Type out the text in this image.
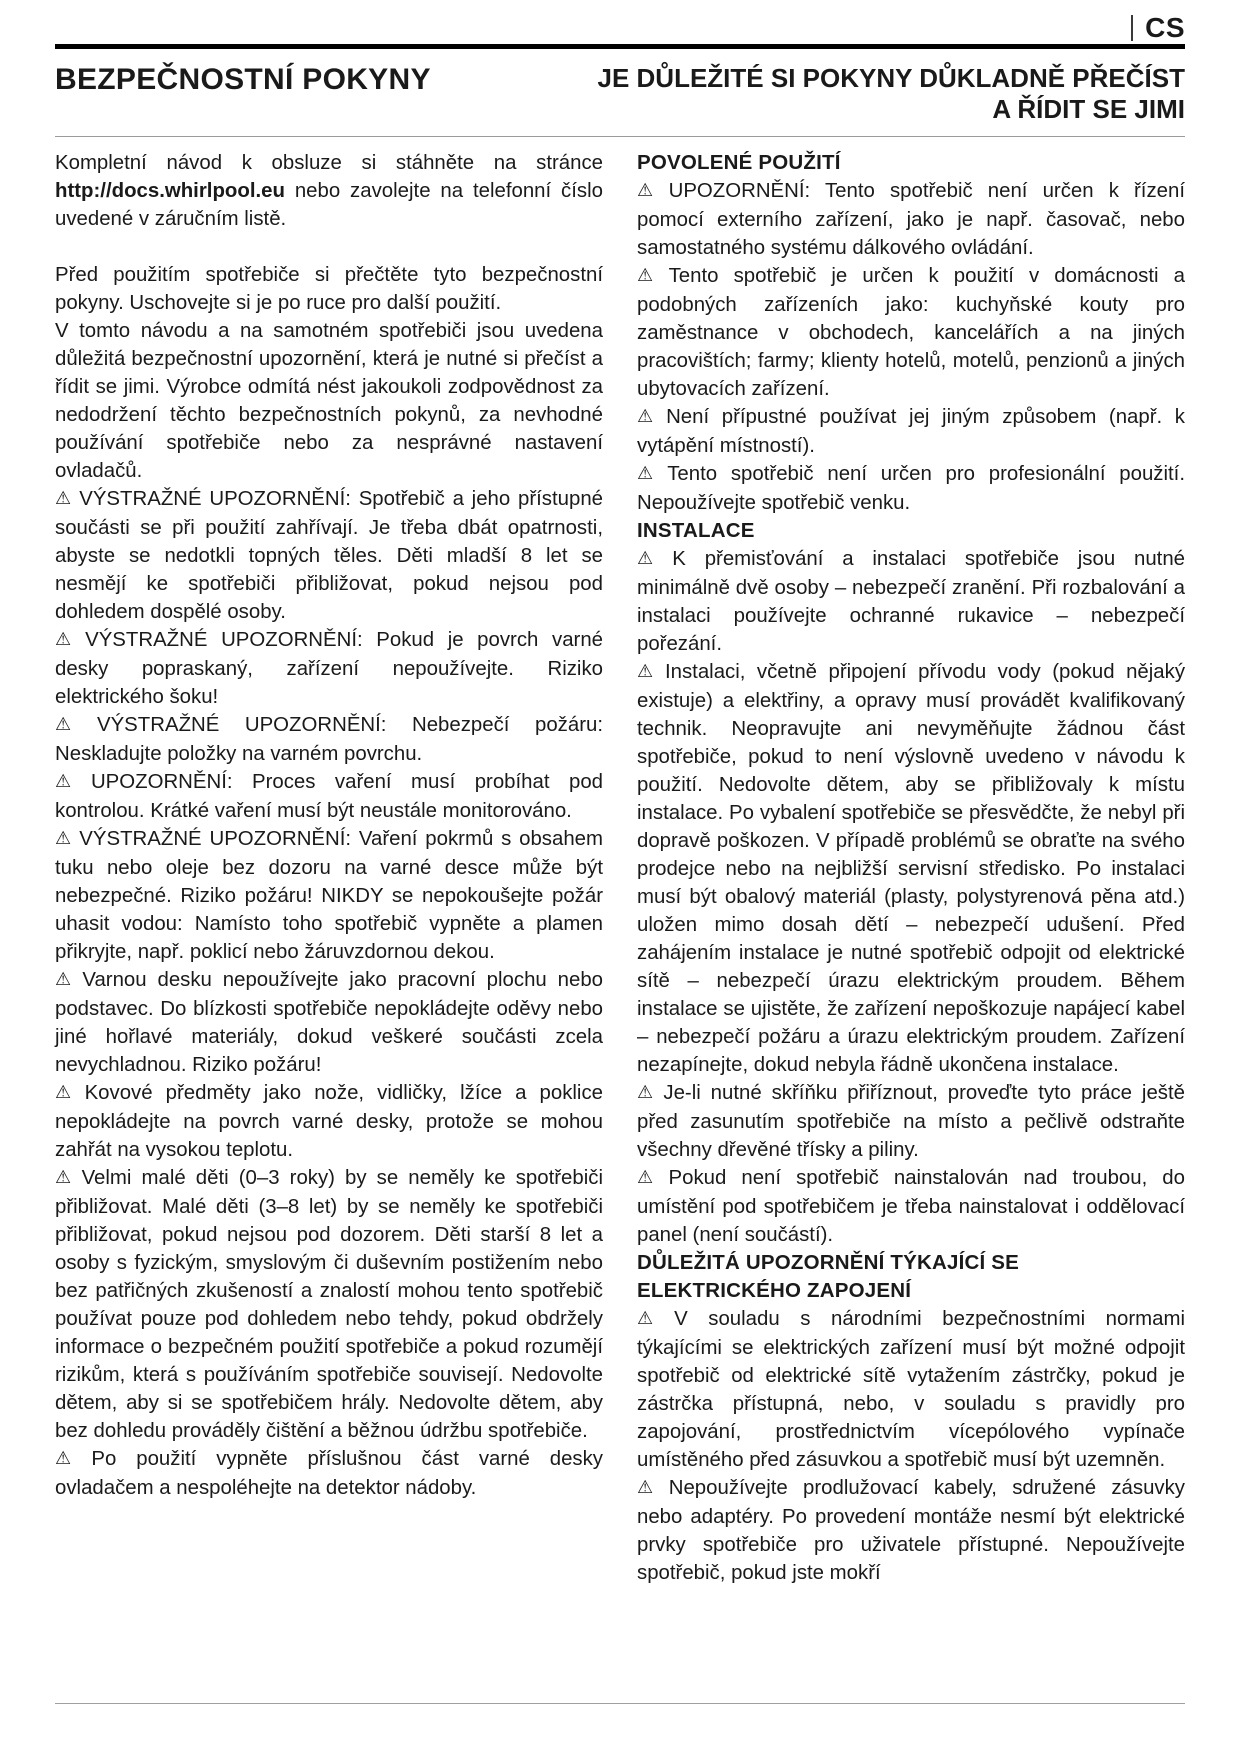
CS
BEZPEČNOSTNÍ POKYNY	JE DŮLEŽITÉ SI POKYNY DŮKLADNĚ PŘEČÍST
A ŘÍDIT SE JIMI

Kompletní návod k obsluze si stáhněte na stránce http://docs.whirlpool.eu nebo zavolejte na telefonní číslo uvedené v záručním listě.

Před použitím spotřebiče si přečtěte tyto bezpečnostní pokyny. Uschovejte si je po ruce pro další použití.

V tomto návodu a na samotném spotřebiči jsou uvedena důležitá bezpečnostní upozornění, která je nutné si přečíst a řídit se jimi. Výrobce odmítá nést jakoukoli zodpovědnost za nedodržení těchto bezpečnostních pokynů, za nevhodné používání spotřebiče nebo za nesprávné nastavení ovladačů.

⚠ VÝSTRAŽNÉ UPOZORNĚNÍ: Spotřebič a jeho přístupné součásti se při použití zahřívají. Je třeba dbát opatrnosti, abyste se nedotkli topných těles. Děti mladší 8 let se nesmějí ke spotřebiči přibližovat, pokud nejsou pod dohledem dospělé osoby.

⚠ VÝSTRAŽNÉ UPOZORNĚNÍ: Pokud je povrch varné desky popraskaný, zařízení nepoužívejte. Riziko elektrického šoku!

⚠ VÝSTRAŽNÉ UPOZORNĚNÍ: Nebezpečí požáru: Neskladujte položky na varném povrchu.

⚠ UPOZORNĚNÍ: Proces vaření musí probíhat pod kontrolou. Krátké vaření musí být neustále monitorováno.

⚠ VÝSTRAŽNÉ UPOZORNĚNÍ: Vaření pokrmů s obsahem tuku nebo oleje bez dozoru na varné desce může být nebezpečné. Riziko požáru! NIKDY se nepokoušejte požár uhasit vodou: Namísto toho spotřebič vypněte a plamen přikryjte, např. poklicí nebo žáruvzdornou dekou.

⚠ Varnou desku nepoužívejte jako pracovní plochu nebo podstavec. Do blízkosti spotřebiče nepokládejte oděvy nebo jiné hořlavé materiály, dokud veškeré součásti zcela nevychladnou. Riziko požáru!

⚠ Kovové předměty jako nože, vidličky, lžíce a poklice nepokládejte na povrch varné desky, protože se mohou zahřát na vysokou teplotu.

⚠ Velmi malé děti (0–3 roky) by se neměly ke spotřebiči přibližovat. Malé děti (3–8 let) by se neměly ke spotřebiči přibližovat, pokud nejsou pod dozorem. Děti starší 8 let a osoby s fyzickým, smyslovým či duševním postižením nebo bez patřičných zkušeností a znalostí mohou tento spotřebič používat pouze pod dohledem nebo tehdy, pokud obdržely informace o bezpečném použití spotřebiče a pokud rozumějí rizikům, která s používáním spotřebiče souvisejí. Nedovolte dětem, aby si se spotřebičem hrály. Nedovolte dětem, aby bez dohledu prováděly čištění a běžnou údržbu spotřebiče.

⚠ Po použití vypněte příslušnou část varné desky ovladačem a nespoléhejte na detektor nádoby.

POVOLENÉ POUŽITÍ

⚠ UPOZORNĚNÍ: Tento spotřebič není určen k řízení pomocí externího zařízení, jako je např. časovač, nebo samostatného systému dálkového ovládání.

⚠ Tento spotřebič je určen k použití v domácnosti a podobných zařízeních jako: kuchyňské kouty pro zaměstnance v obchodech, kancelářích a na jiných pracovištích; farmy; klienty hotelů, motelů, penzionů a jiných ubytovacích zařízení.

⚠ Není přípustné používat jej jiným způsobem (např. k vytápění místností).

⚠ Tento spotřebič není určen pro profesionální použití. Nepoužívejte spotřebič venku.

INSTALACE

⚠ K přemisťování a instalaci spotřebiče jsou nutné minimálně dvě osoby – nebezpečí zranění. Při rozbalování a instalaci používejte ochranné rukavice – nebezpečí pořezání.

⚠ Instalaci, včetně připojení přívodu vody (pokud nějaký existuje) a elektřiny, a opravy musí provádět kvalifikovaný technik. Neopravujte ani nevyměňujte žádnou část spotřebiče, pokud to není výslovně uvedeno v návodu k použití. Nedovolte dětem, aby se přibližovaly k místu instalace. Po vybalení spotřebiče se přesvědčte, že nebyl při dopravě poškozen. V případě problémů se obraťte na svého prodejce nebo na nejbližší servisní středisko. Po instalaci musí být obalový materiál (plasty, polystyrenová pěna atd.) uložen mimo dosah dětí – nebezpečí udušení. Před zahájením instalace je nutné spotřebič odpojit od elektrické sítě – nebezpečí úrazu elektrickým proudem. Během instalace se ujistěte, že zařízení nepoškozuje napájecí kabel – nebezpečí požáru a úrazu elektrickým proudem. Zařízení nezapínejte, dokud nebyla řádně ukončena instalace.

⚠ Je-li nutné skříňku přiříznout, proveďte tyto práce ještě před zasunutím spotřebiče na místo a pečlivě odstraňte všechny dřevěné třísky a piliny.

⚠ Pokud není spotřebič nainstalován nad troubou, do umístění pod spotřebičem je třeba nainstalovat i oddělovací panel (není součástí).

DŮLEŽITÁ UPOZORNĚNÍ TÝKAJÍCÍ SE ELEKTRICKÉHO ZAPOJENÍ

⚠ V souladu s národními bezpečnostními normami týkajícími se elektrických zařízení musí být možné odpojit spotřebič od elektrické sítě vytažením zástrčky, pokud je zástrčka přístupná, nebo, v souladu s pravidly pro zapojování, prostřednictvím vícepólového vypínače umístěného před zásuvkou a spotřebič musí být uzemněn.

⚠ Nepoužívejte prodlužovací kabely, sdružené zásuvky nebo adaptéry. Po provedení montáže nesmí být elektrické prvky spotřebiče pro uživatele přístupné. Nepoužívejte spotřebič, pokud jste mokří
